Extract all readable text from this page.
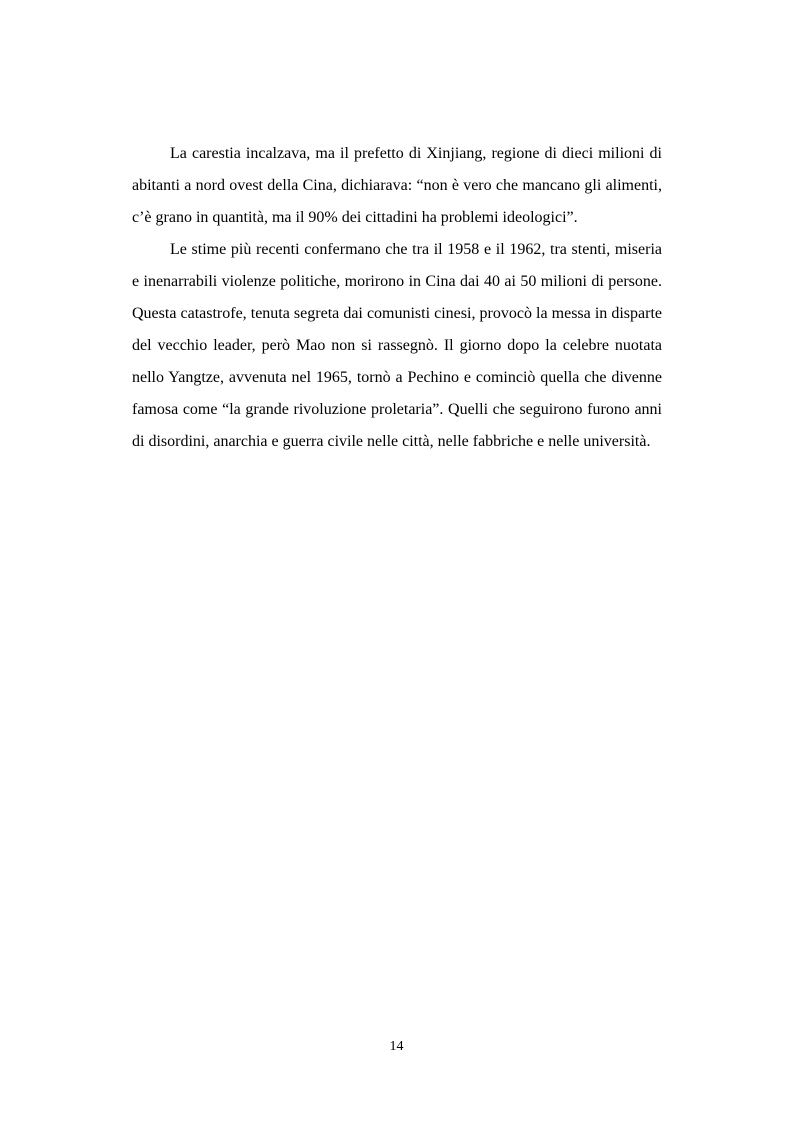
La carestia incalzava, ma il prefetto di Xinjiang, regione di dieci milioni di abitanti a nord ovest della Cina, dichiarava: “non è vero che mancano gli alimenti, c’è grano in quantità, ma il 90% dei cittadini ha problemi ideologici”.

Le stime più recenti confermano che tra il 1958 e il 1962, tra stenti, miseria e inenarrabili violenze politiche, morirono in Cina dai 40 ai 50 milioni di persone. Questa catastrofe, tenuta segreta dai comunisti cinesi, provocò la messa in disparte del vecchio leader, però Mao non si rassegnò. Il giorno dopo la celebre nuotata nello Yangtze, avvenuta nel 1965, tornò a Pechino e cominciò quella che divenne famosa come “la grande rivoluzione proletaria”. Quelli che seguirono furono anni di disordini, anarchia e guerra civile nelle città, nelle fabbriche e nelle università.

14
